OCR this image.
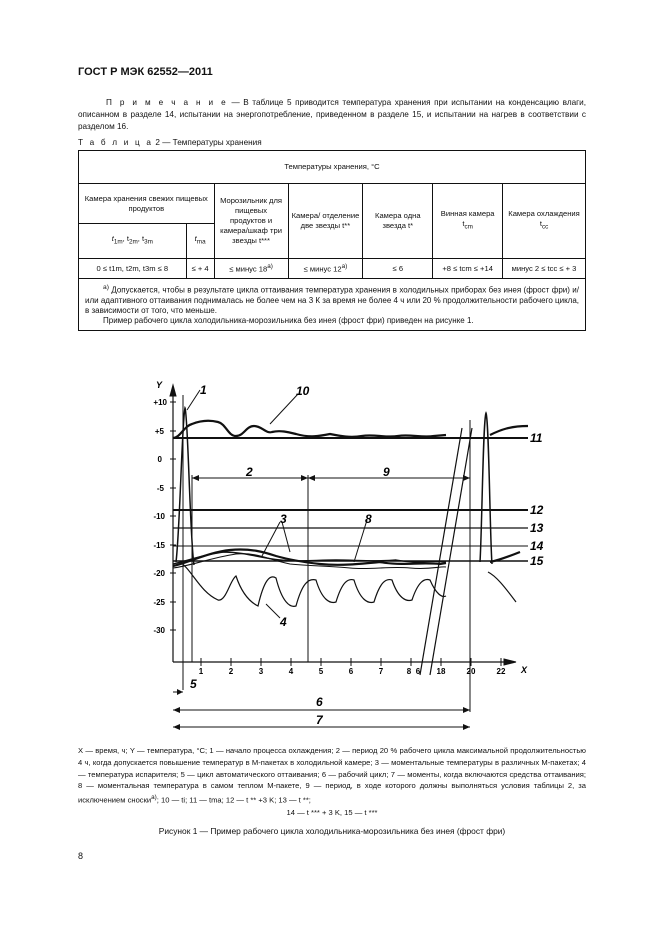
ГОСТ Р МЭК 62552—2011
П р и м е ч а н и е — В таблице 5 приводится температура хранения при испытании на конденсацию влаги, описанном в разделе 14, испытании на энергопотребление, приведенном в разделе 15, и испытании на нагрев в соответствии с разделом 16.
Т а б л и ц а 2 — Температуры хранения
Температуры хранения, °С						
Камера хранения свежих пищевых продуктов		Морозильник для пищевых продуктов и камера/шкаф три звезды t***	Камера/ отделение две звезды t**	Камера одна звезда t*	Винная камера $t_{cm}$	Камера охлаждения $t_{cc}$
$t_{1m}$, $t_{2m}$, $t_{3m}$	$t_{ma}$
0 ≤ t1m, t2m, t3m ≤ 8	≤ + 4	≤ минус $18^{а)}$	≤ минус $12^{а)}$	≤ 6	+8 ≤ tcm ≤ +14	минус 2 ≤ tcc ≤ + 3

$^{а)}$ Допускается, чтобы в результате цикла оттаивания температура хранения в холодильных приборах без инея (фрост фри) и/или адаптивного оттаивания поднималась не более чем на 3 К за время не более 4 ч или 20 % продолжительности рабочего цикла, в зависимости от того, что меньше.

Пример рабочего цикла холодильника-морозильника без инея (фрост фри) приведен на рисунке 1.						

Y
X
+10
+5
0
-5
-10
-15
-20
-25
-30
1	2	3	4	5	6	7	8 6 18	20	22
1	10
11
2	9
12
13
14
15
3	8
4
5
6
7
X — время, ч; Y — температура, °С; 1 — начало процесса охлаждения; 2 — период 20 % рабочего цикла максимальной продолжительностью 4 ч, когда допускается повышение температур в М-пакетах в холодильной камере; 3 — моментальные температуры в различных М-пакетах; 4 — температура испарителя; 5 — цикл автоматического оттаивания; 6 — рабочий цикл; 7 — моменты, когда включаются средства оттаивания; 8 — моментальная температура в самом теплом М-пакете, 9 — период, в ходе которого должны выполняться условия таблицы 2, за исключением сноски$^{а)}$; 10 — ti; 11 — tma; 12 — t ** +3 K; 13 — t **;
14 — t *** + 3 K, 15 — t ***
Рисунок 1 — Пример рабочего цикла холодильника-морозильника без инея (фрост фри)
8
